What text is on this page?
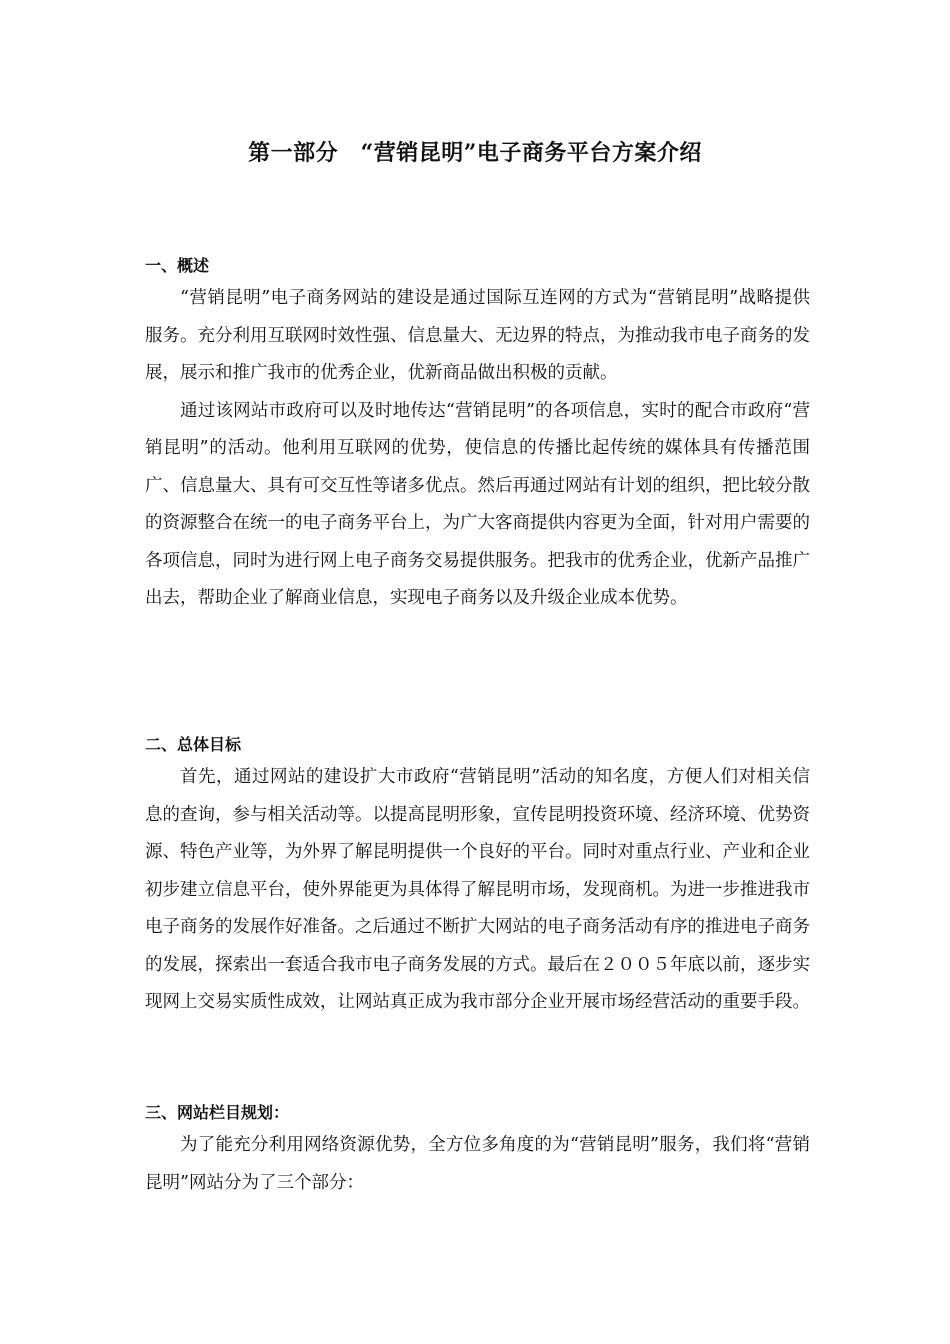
第一部分　“营销昆明”电子商务平台方案介绍
一、概述

“营销昆明”电子商务网站的建设是通过国际互连网的方式为“营销昆明”战略提供服务。充分利用互联网时效性强、信息量大、无边界的特点，为推动我市电子商务的发展，展示和推广我市的优秀企业，优新商品做出积极的贡献。

通过该网站市政府可以及时地传达“营销昆明”的各项信息，实时的配合市政府“营销昆明”的活动。他利用互联网的优势，使信息的传播比起传统的媒体具有传播范围广、信息量大、具有可交互性等诸多优点。然后再通过网站有计划的组织，把比较分散的资源整合在统一的电子商务平台上，为广大客商提供内容更为全面，针对用户需要的各项信息，同时为进行网上电子商务交易提供服务。把我市的优秀企业，优新产品推广出去，帮助企业了解商业信息，实现电子商务以及升级企业成本优势。

二、总体目标

首先，通过网站的建设扩大市政府“营销昆明”活动的知名度，方便人们对相关信息的查询，参与相关活动等。以提高昆明形象，宣传昆明投资环境、经济环境、优势资源、特色产业等，为外界了解昆明提供一个良好的平台。同时对重点行业、产业和企业初步建立信息平台，使外界能更为具体得了解昆明市场，发现商机。为进一步推进我市电子商务的发展作好准备。之后通过不断扩大网站的电子商务活动有序的推进电子商务的发展，探索出一套适合我市电子商务发展的方式。最后在２００５年底以前，逐步实现网上交易实质性成效，让网站真正成为我市部分企业开展市场经营活动的重要手段。

三、网站栏目规划：

为了能充分利用网络资源优势，全方位多角度的为“营销昆明”服务，我们将“营销昆明”网站分为了三个部分：
